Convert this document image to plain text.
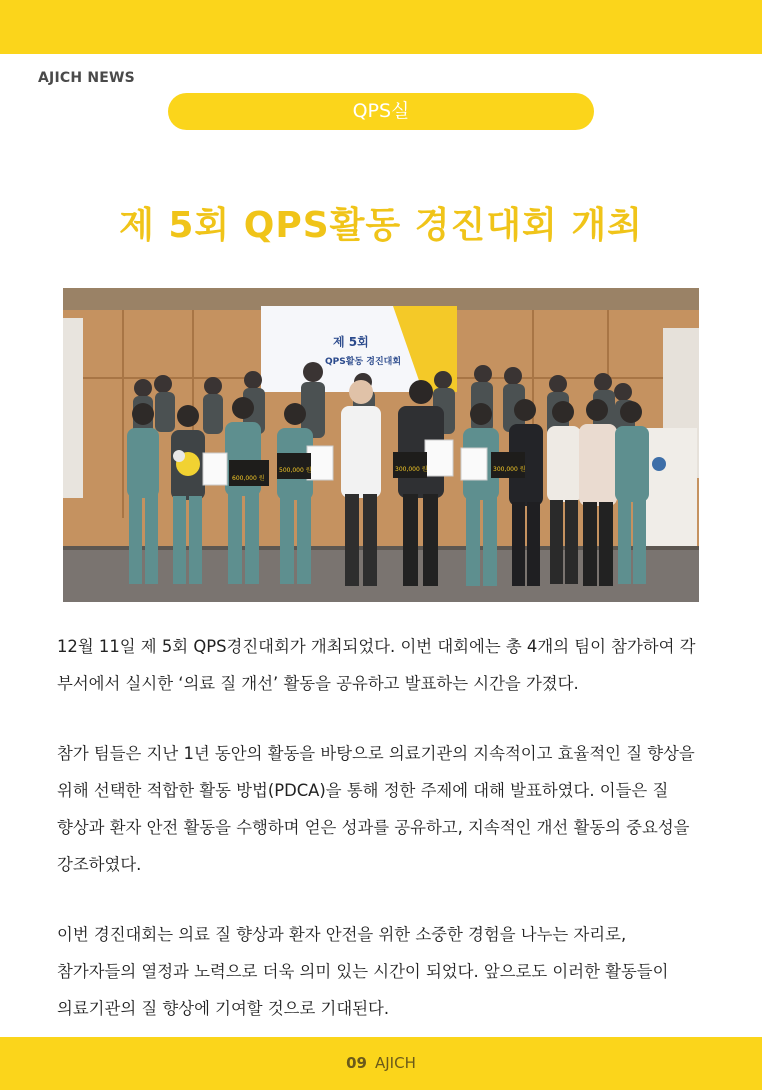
AJICH NEWS
QPS실
제 5회 QPS활동 경진대회 개최
제 5회
QPS활동 경진대회
600,000 원
500,000 원	300,000 원	300,000 원

12월 11일 제 5회 QPS경진대회가 개최되었다. 이번 대회에는 총 4개의 팀이 참가하여 각 부서에서 실시한 ‘의료 질 개선’ 활동을 공유하고 발표하는 시간을 가졌다.

참가 팀들은 지난 1년 동안의 활동을 바탕으로 의료기관의 지속적이고 효율적인 질 향상을 위해 선택한 적합한 활동 방법(PDCA)을 통해 정한 주제에 대해 발표하였다. 이들은 질 향상과 환자 안전 활동을 수행하며 얻은 성과를 공유하고, 지속적인 개선 활동의 중요성을 강조하였다.

이번 경진대회는 의료 질 향상과 환자 안전을 위한 소중한 경험을 나누는 자리로, 참가자들의 열정과 노력으로 더욱 의미 있는 시간이 되었다. 앞으로도 이러한 활동들이 의료기관의 질 향상에 기여할 것으로 기대된다.

09 AJICH
